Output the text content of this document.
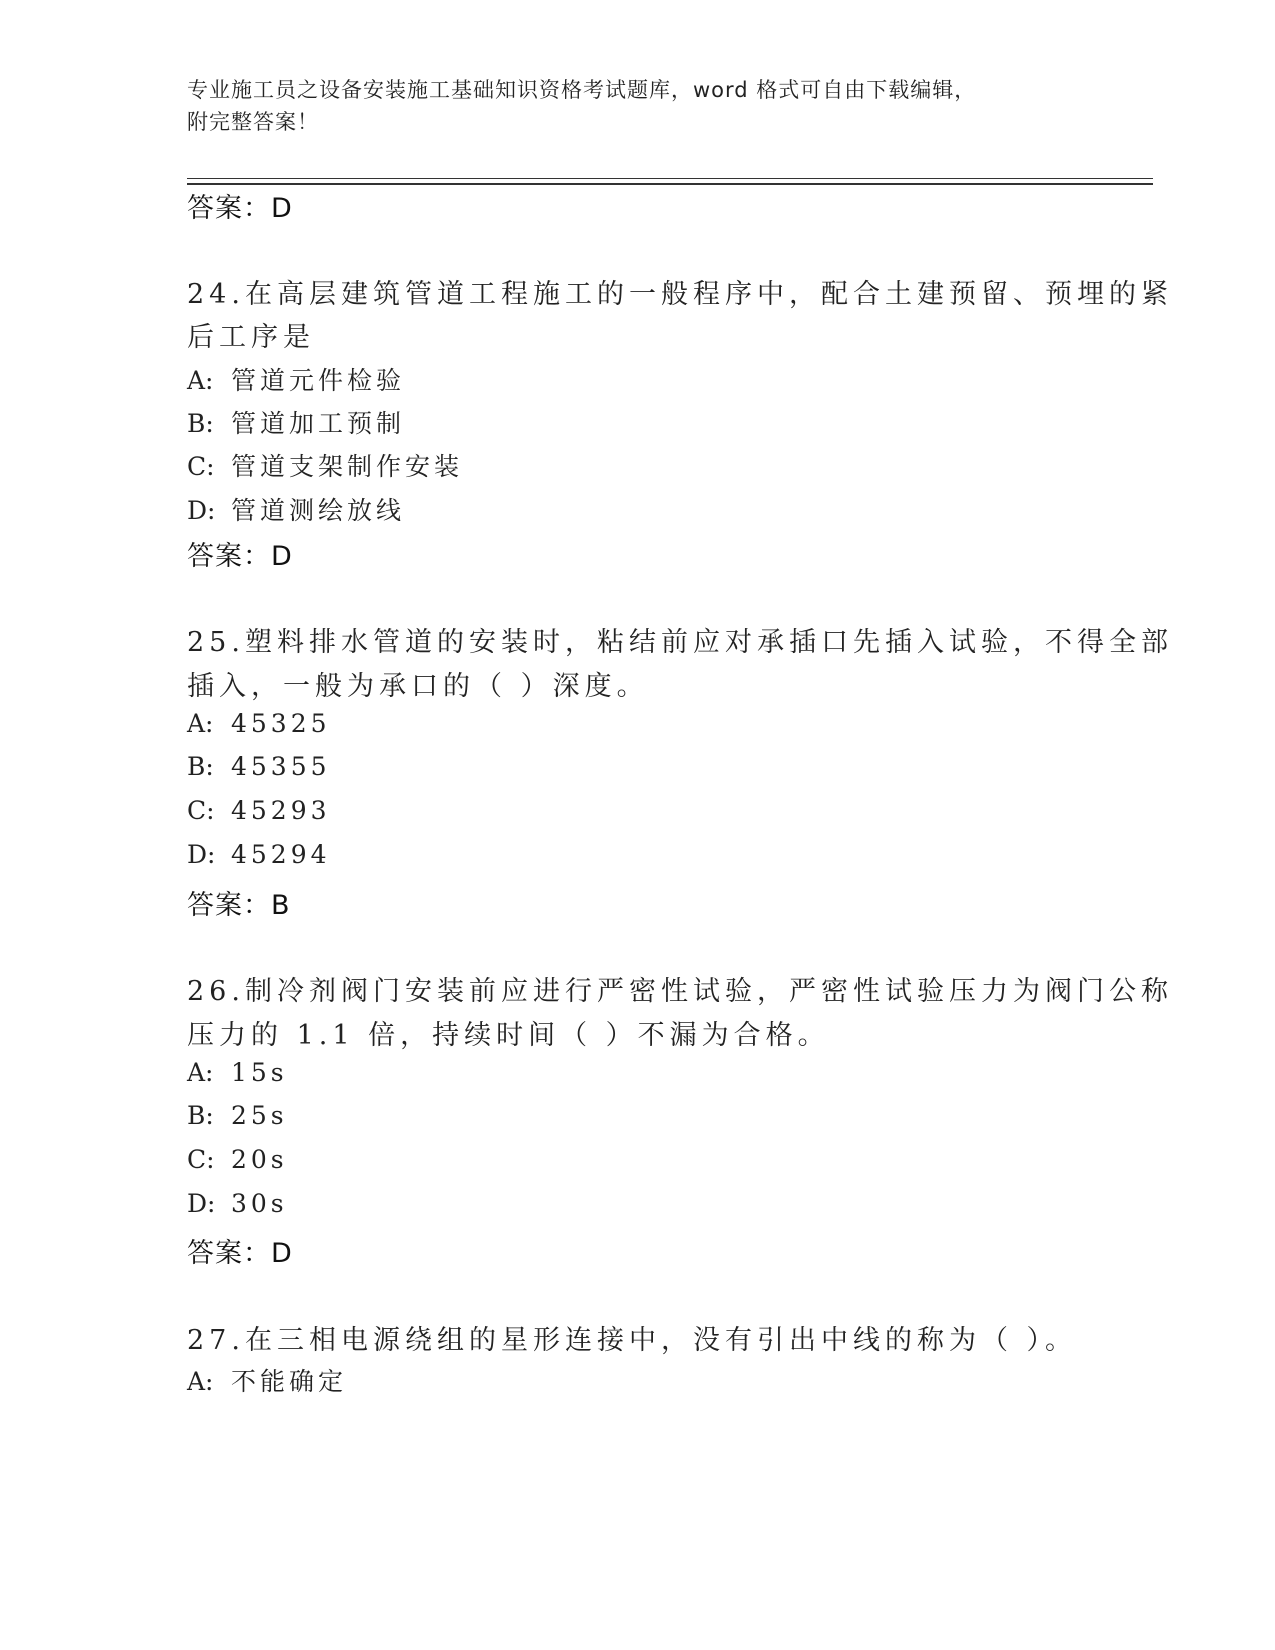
专业施工员之设备安装施工基础知识资格考试题库，word 格式可自由下载编辑，
附完整答案！
答案：D
24.在高层建筑管道工程施工的一般程序中，配合土建预留、预埋的紧
后工序是
A: 管道元件检验
B: 管道加工预制
C: 管道支架制作安装
D: 管道测绘放线
答案：D
25.塑料排水管道的安装时，粘结前应对承插口先插入试验，不得全部
插入，一般为承口的（ ）深度。
A: 45325
B: 45355
C: 45293
D: 45294
答案：B
26.制冷剂阀门安装前应进行严密性试验，严密性试验压力为阀门公称
压力的 1.1 倍，持续时间（ ）不漏为合格。
A: 15s
B: 25s
C: 20s
D: 30s
答案：D
27.在三相电源绕组的星形连接中，没有引出中线的称为（ ）。
A: 不能确定
